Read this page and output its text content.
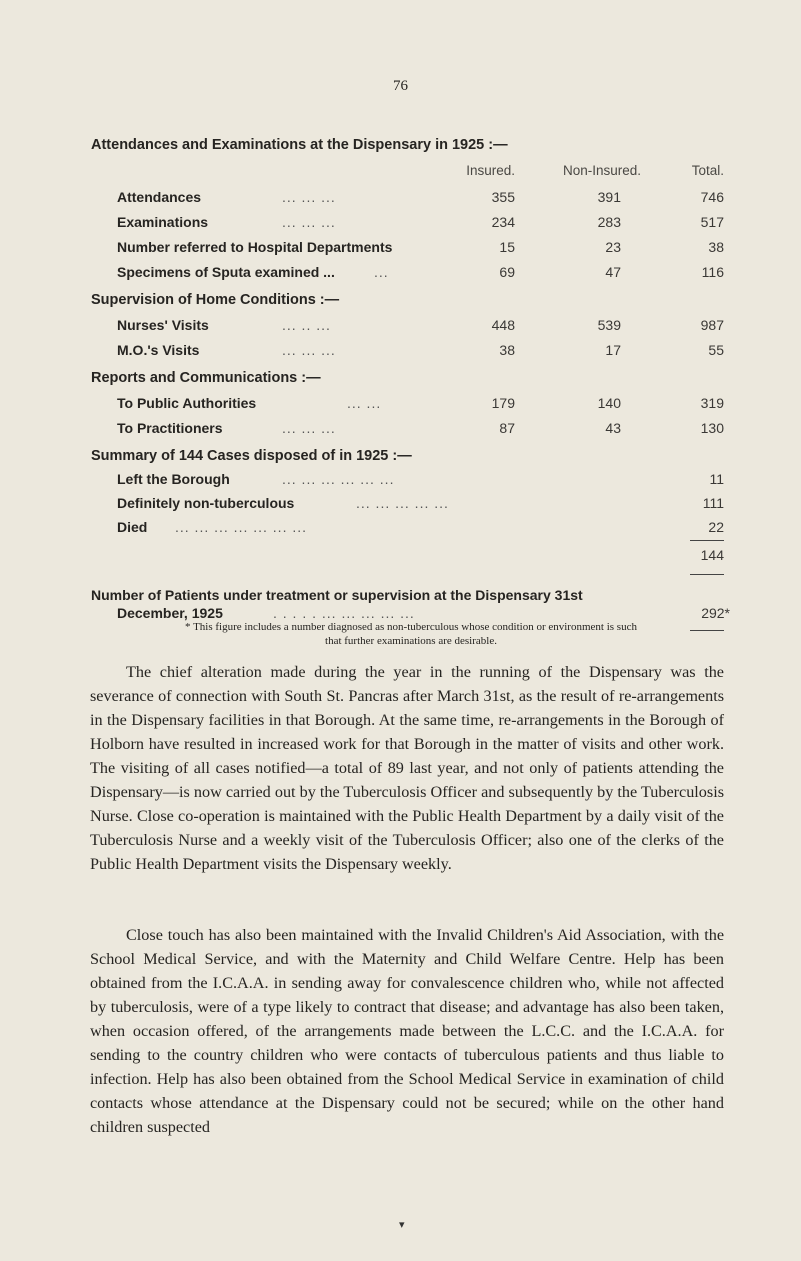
76
Attendances and Examinations at the Dispensary in 1925 :—
Insured.	Non-Insured.	Total.
Attendances	... ... ...	355	391	746
Examinations	... ... ...	234	283	517
Number referred to Hospital Departments	15	23	38
Specimens of Sputa examined ...	...	69	47	116
Supervision of Home Conditions :—
Nurses' Visits	... .. ...	448	539	987
M.O.'s Visits	... ... ...	38	17	55
Reports and Communications :—
To Public Authorities	... ...	179	140	319
To Practitioners	... ... ...	87	43	130
Summary of 144 Cases disposed of in 1925 :—
Left the Borough	... ... ... ... ... ...	11
Definitely non-tuberculous	... ... ... ... ...	111
Died ... ... ... ... ... ... ...	22
144
Number of Patients under treatment or supervision at the Dispensary 31st
December, 1925	. . . . . ... ... ... ... ...	292*
* This figure includes a number diagnosed as non-tuberculous whose condition or environment is such
that further examinations are desirable.

The chief alteration made during the year in the running of the Dispensary was the severance of connection with South St. Pancras after March 31st, as the result of re-arrangements in the Dispensary facilities in that Borough. At the same time, re-arrangements in the Borough of Holborn have resulted in increased work for that Borough in the matter of visits and other work. The visiting of all cases notified—a total of 89 last year, and not only of patients attending the Dispensary—is now carried out by the Tuberculosis Officer and subsequently by the Tuberculosis Nurse. Close co-operation is maintained with the Public Health Department by a daily visit of the Tuberculosis Nurse and a weekly visit of the Tuberculosis Officer; also one of the clerks of the Public Health Department visits the Dispensary weekly.

Close touch has also been maintained with the Invalid Children's Aid Association, with the School Medical Service, and with the Maternity and Child Welfare Centre. Help has been obtained from the I.C.A.A. in sending away for convalescence children who, while not affected by tuberculosis, were of a type likely to contract that disease; and advantage has also been taken, when occasion offered, of the arrangements made between the L.C.C. and the I.C.A.A. for sending to the country children who were contacts of tuberculous patients and thus liable to infection. Help has also been obtained from the School Medical Service in examination of child contacts whose attendance at the Dispensary could not be secured; while on the other hand children suspected

▾
